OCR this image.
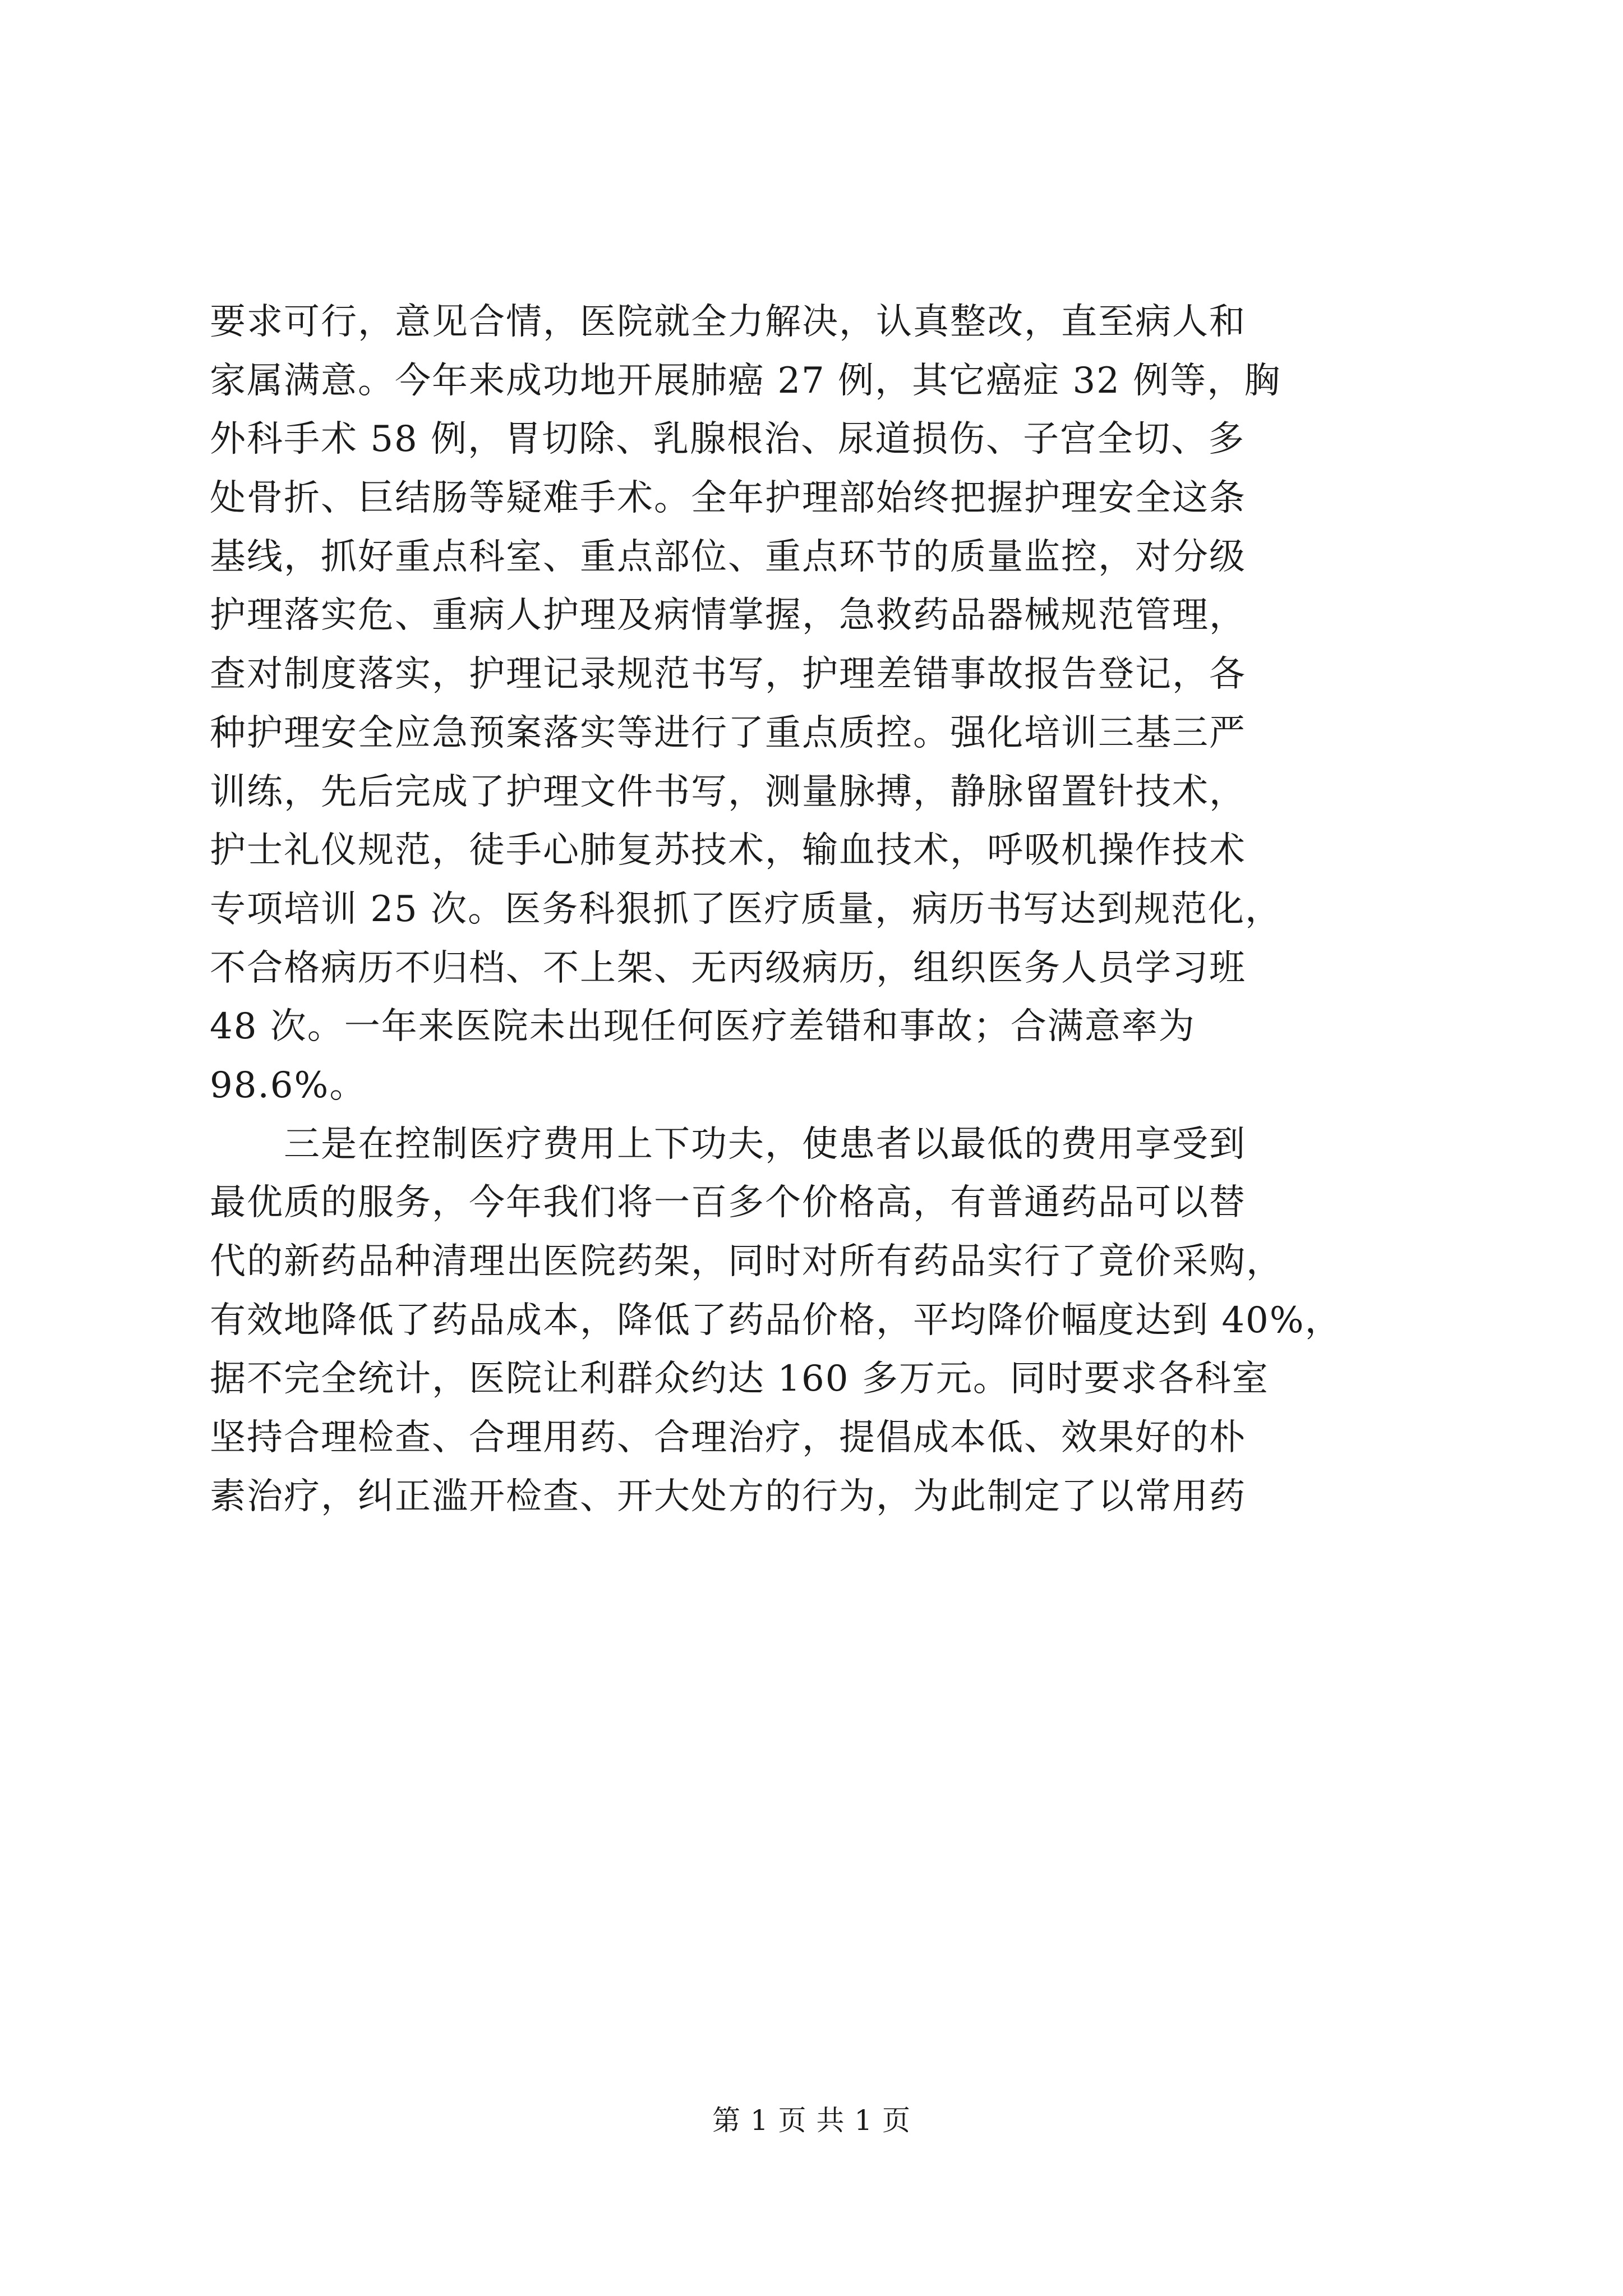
要求可行，意见合情，医院就全力解决，认真整改，直至病人和
家属满意。今年来成功地开展肺癌 27 例，其它癌症 32 例等，胸
外科手术 58 例，胃切除、乳腺根治、尿道损伤、子宫全切、多
处骨折、巨结肠等疑难手术。全年护理部始终把握护理安全这条
基线，抓好重点科室、重点部位、重点环节的质量监控，对分级
护理落实危、重病人护理及病情掌握，急救药品器械规范管理，
查对制度落实，护理记录规范书写，护理差错事故报告登记，各
种护理安全应急预案落实等进行了重点质控。强化培训三基三严
训练，先后完成了护理文件书写，测量脉搏，静脉留置针技术，
护士礼仪规范，徒手心肺复苏技术，输血技术，呼吸机操作技术
专项培训 25 次。医务科狠抓了医疗质量，病历书写达到规范化，
不合格病历不归档、不上架、无丙级病历，组织医务人员学习班
48 次。一年来医院未出现任何医疗差错和事故；合满意率为
98.6%。
　　三是在控制医疗费用上下功夫，使患者以最低的费用享受到
最优质的服务，今年我们将一百多个价格高，有普通药品可以替
代的新药品种清理出医院药架，同时对所有药品实行了竟价采购，
有效地降低了药品成本，降低了药品价格，平均降价幅度达到 40%，
据不完全统计，医院让利群众约达 160 多万元。同时要求各科室
坚持合理检查、合理用药、合理治疗，提倡成本低、效果好的朴
素治疗，纠正滥开检查、开大处方的行为，为此制定了以常用药
第 1 页 共 1 页
